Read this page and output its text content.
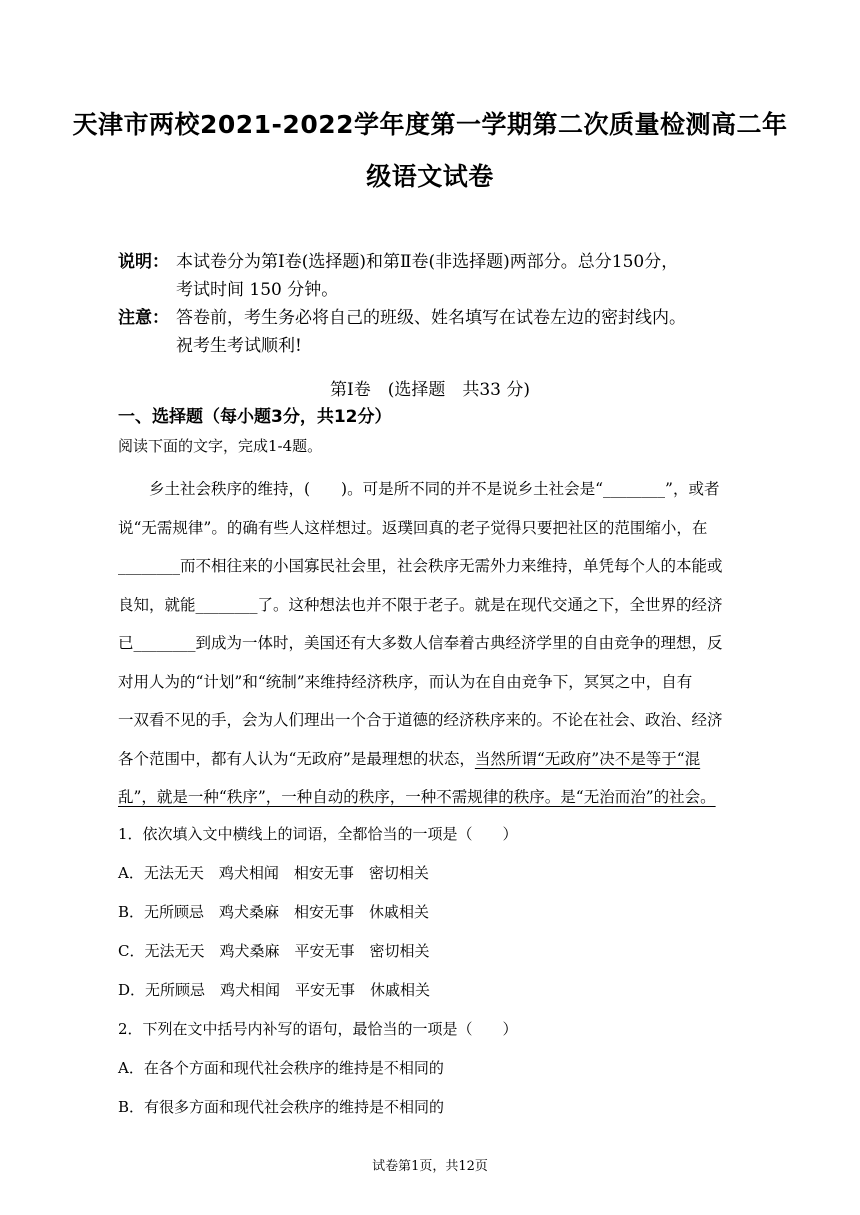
天津市两校2021-2022学年度第一学期第二次质量检测高二年
级语文试卷
说明： 本试卷分为第Ⅰ卷(选择题)和第Ⅱ卷(非选择题)两部分。总分150分，
考试时间 150 分钟。
注意： 答卷前，考生务必将自己的班级、姓名填写在试卷左边的密封线内。
祝考生考试顺利!
第Ⅰ卷　(选择题　共33 分)
一、选择题（每小题3分，共12分）
阅读下面的文字，完成1-4题。
乡土社会秩序的维持，(　　)。可是所不同的并不是说乡土社会是“________”，或者
说“无需规律”。的确有些人这样想过。返璞回真的老子觉得只要把社区的范围缩小，在
________而不相往来的小国寡民社会里，社会秩序无需外力来维持，单凭每个人的本能或
良知，就能________了。这种想法也并不限于老子。就是在现代交通之下，全世界的经济
已________到成为一体时，美国还有大多数人信奉着古典经济学里的自由竞争的理想，反
对用人为的“计划”和“统制”来维持经济秩序，而认为在自由竞争下，冥冥之中，自有
一双看不见的手，会为人们理出一个合于道德的经济秩序来的。不论在社会、政治、经济
各个范围中，都有人认为“无政府”是最理想的状态，当然所谓“无政府”决不是等于“混
乱”，就是一种“秩序”，一种自动的秩序，一种不需规律的秩序。是“无治而治”的社会。
1．依次填入文中横线上的词语，全都恰当的一项是（　　）
A．无法无天　鸡犬相闻　相安无事　密切相关
B．无所顾忌　鸡犬桑麻　相安无事　休戚相关
C．无法无天　鸡犬桑麻　平安无事　密切相关
D．无所顾忌　鸡犬相闻　平安无事　休戚相关
2．下列在文中括号内补写的语句，最恰当的一项是（　　）
A．在各个方面和现代社会秩序的维持是不相同的
B．有很多方面和现代社会秩序的维持是不相同的
试卷第1页，共12页
